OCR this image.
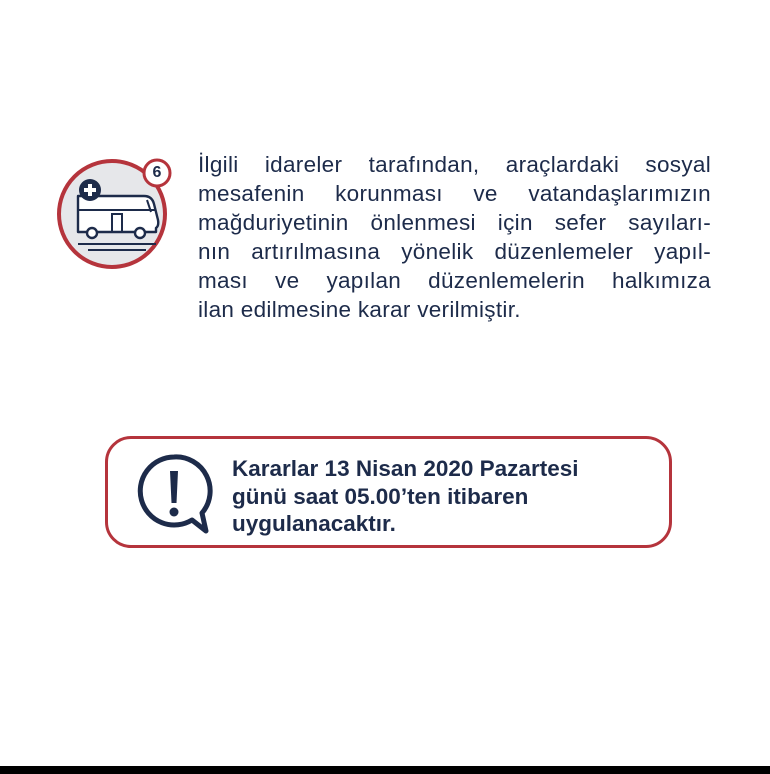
6	İlgili idareler tarafından, araçlardaki sosyal
mesafenin korunması ve vatandaşlarımızın
mağduriyetinin önlenmesi için sefer sayıları-
nın artırılmasına yönelik düzenlemeler yapıl-
ması ve yapılan düzenlemelerin halkımıza
ilan edilmesine karar verilmiştir.

Kararlar 13 Nisan 2020 Pazartesi
günü saat 05.00’ten itibaren
uygulanacaktır.
